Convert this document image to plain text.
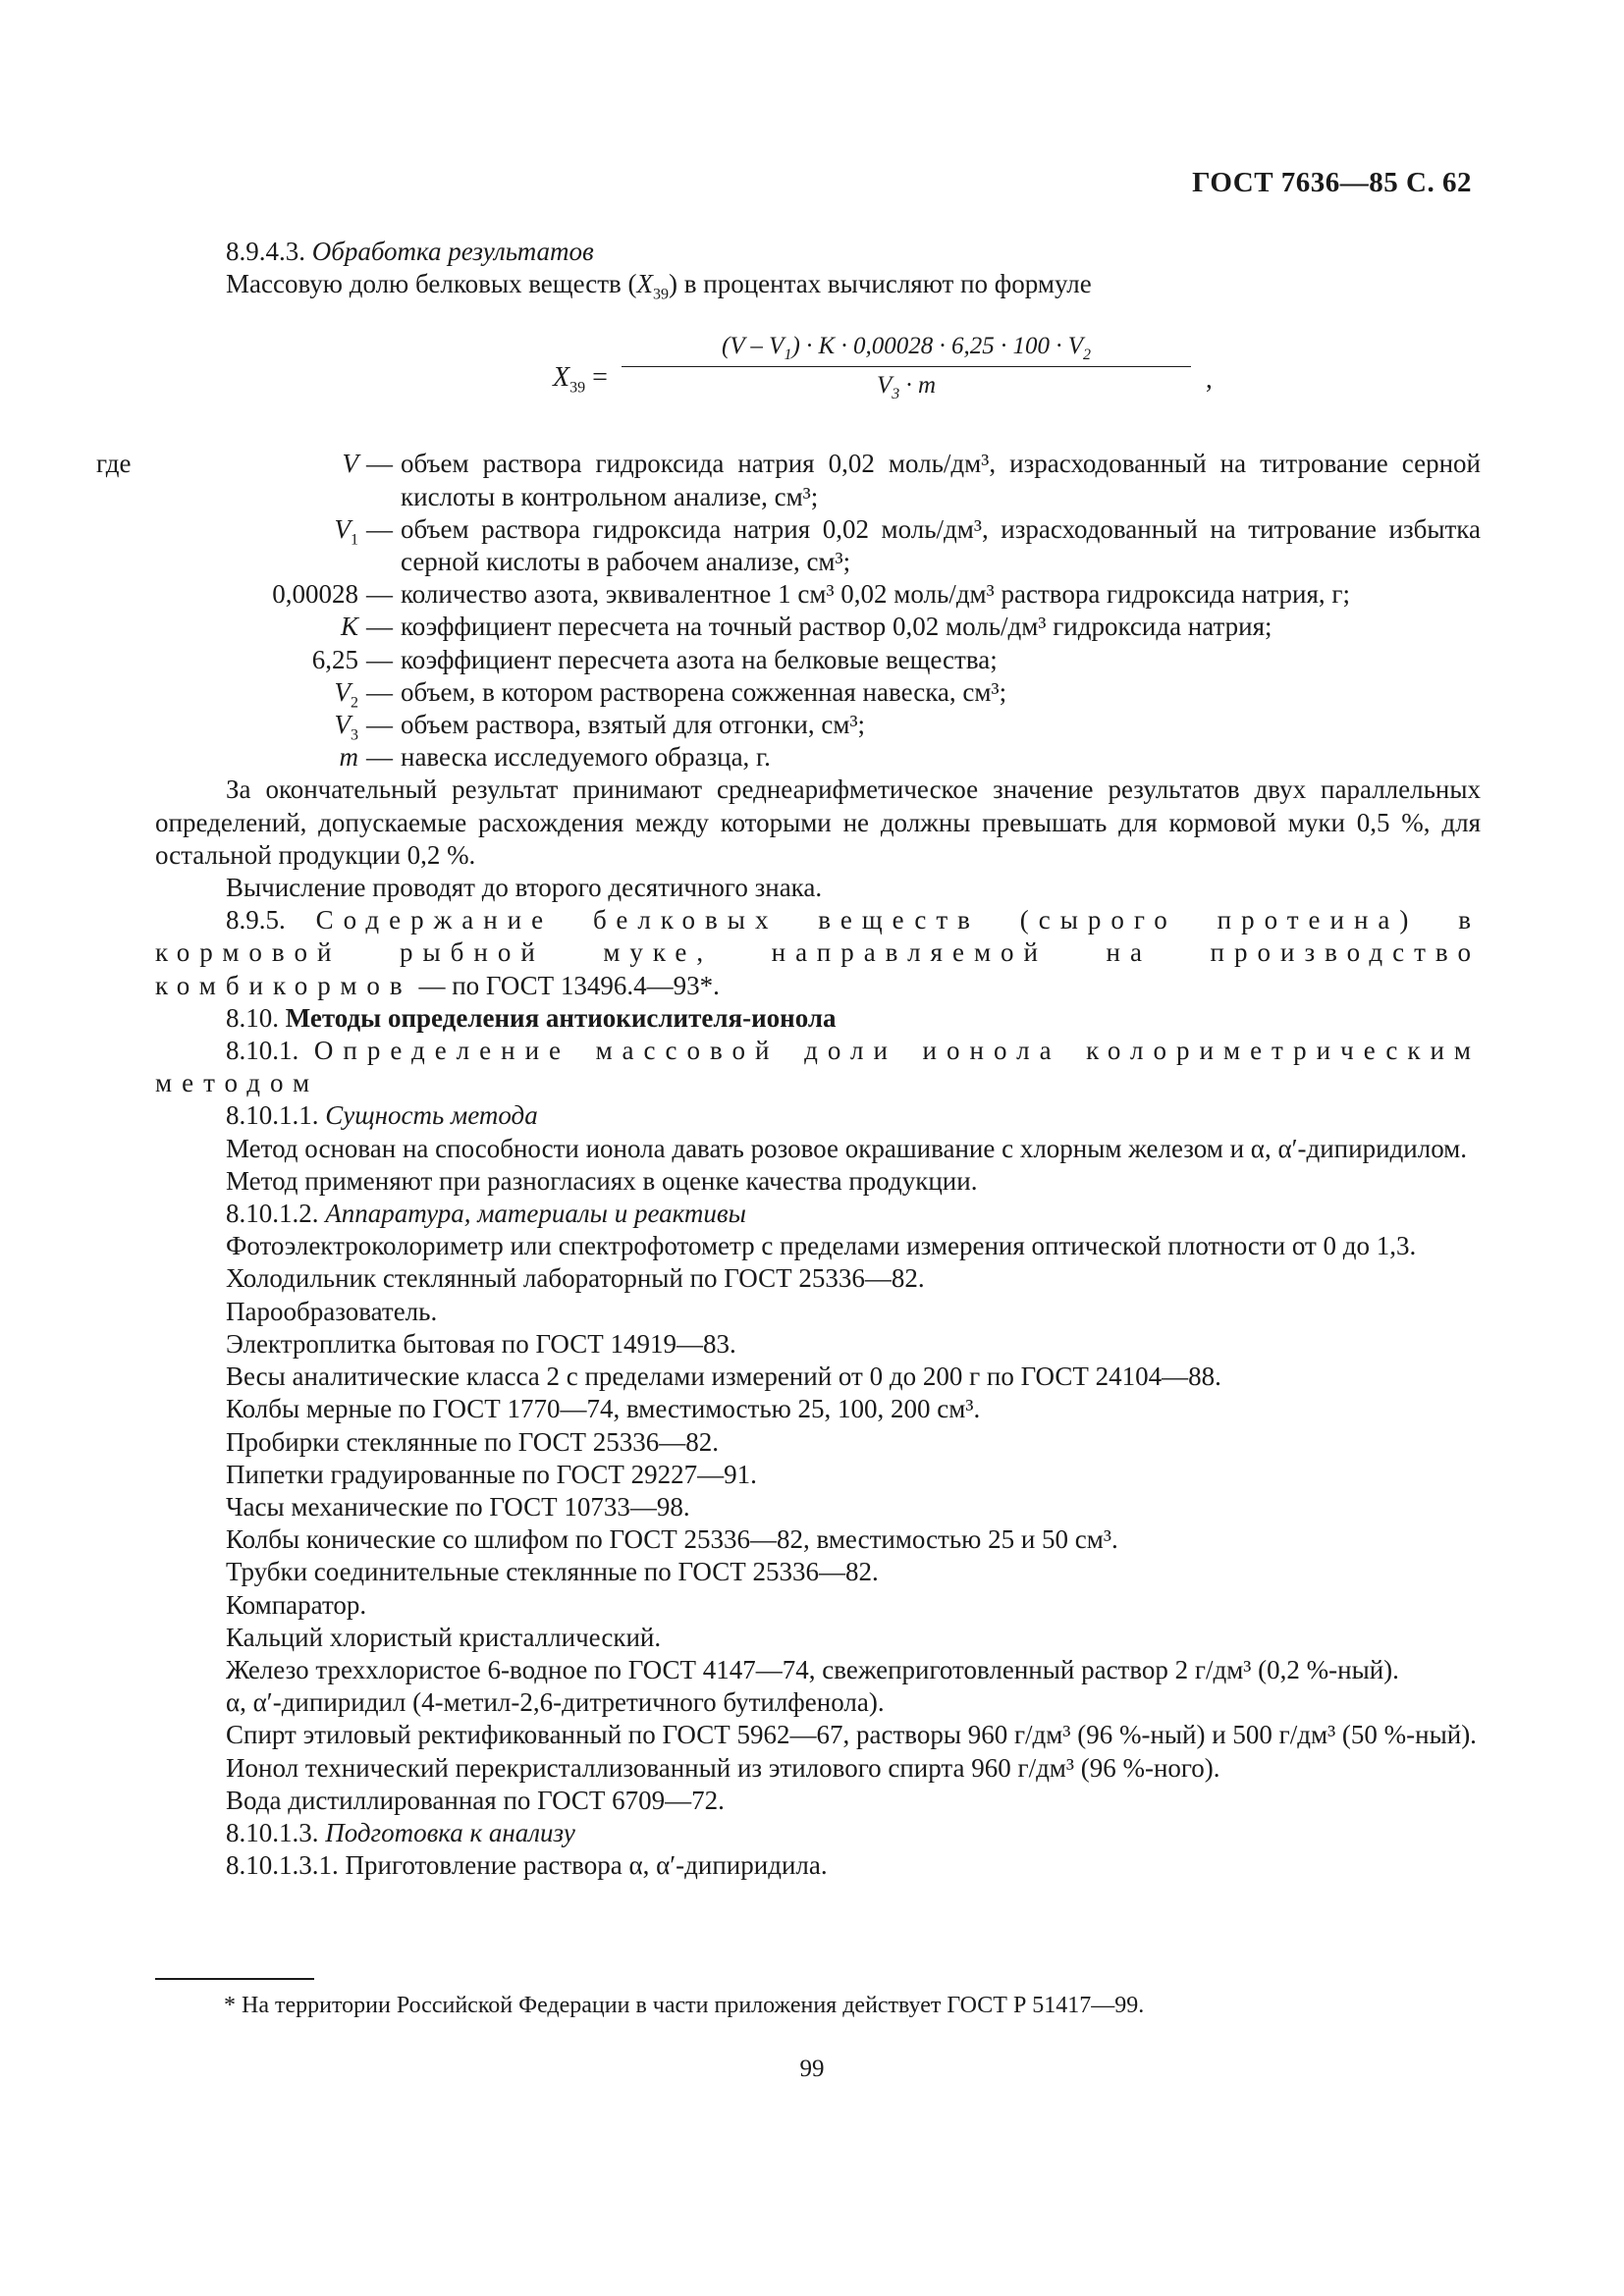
ГОСТ 7636—85 С. 62

8.9.4.3. Обработка результатов

Массовую долю белковых веществ $(X_{39})$ в процентах вычисляют по формуле

$X_{39}$ =
$(V - V_1) \cdot K \cdot 0,00028 \cdot 6,25 \cdot 100 \cdot V_2$
$V_3 \cdot m$	,
где	V — объем раствора гидроксида натрия 0,02 моль/дм³, израсходованный на титрование серной кислоты в контрольном анализе, см³;
$V_1$ — объем раствора гидроксида натрия 0,02 моль/дм³, израсходованный на титрование избытка серной кислоты в рабочем анализе, см³;
0,00028 — количество азота, эквивалентное 1 см³ 0,02 моль/дм³ раствора гидроксида натрия, г;
K — коэффициент пересчета на точный раствор 0,02 моль/дм³ гидроксида натрия;
6,25 — коэффициент пересчета азота на белковые вещества;
$V_2$ — объем, в котором растворена сожженная навеска, см³;
$V_3$ — объем раствора, взятый для отгонки, см³;
m — навеска исследуемого образца, г.

За окончательный результат принимают среднеарифметическое значение результатов двух параллельных определений, допускаемые расхождения между которыми не должны превышать для кормовой муки 0,5 %, для остальной продукции 0,2 %.

Вычисление проводят до второго десятичного знака.

8.9.5. Содержание белковых веществ (сырого протеина) в кормовой рыбной муке, направляемой на производство комбикормов — по ГОСТ 13496.4—93*.

8.10. Методы определения антиокислителя-ионола

8.10.1. Определение массовой доли ионола колориметрическим методом

8.10.1.1. Сущность метода

Метод основан на способности ионола давать розовое окрашивание с хлорным железом и α, α′-дипиридилом.

Метод применяют при разногласиях в оценке качества продукции.

8.10.1.2. Аппаратура, материалы и реактивы

Фотоэлектроколориметр или спектрофотометр с пределами измерения оптической плотности от 0 до 1,3.

Холодильник стеклянный лабораторный по ГОСТ 25336—82.

Парообразователь.

Электроплитка бытовая по ГОСТ 14919—83.

Весы аналитические класса 2 с пределами измерений от 0 до 200 г по ГОСТ 24104—88.

Колбы мерные по ГОСТ 1770—74, вместимостью 25, 100, 200 см³.

Пробирки стеклянные по ГОСТ 25336—82.

Пипетки градуированные по ГОСТ 29227—91.

Часы механические по ГОСТ 10733—98.

Колбы конические со шлифом по ГОСТ 25336—82, вместимостью 25 и 50 см³.

Трубки соединительные стеклянные по ГОСТ 25336—82.

Компаратор.

Кальций хлористый кристаллический.

Железо треххлористое 6-водное по ГОСТ 4147—74, свежеприготовленный раствор 2 г/дм³ (0,2 %-ный).

α, α′-дипиридил (4-метил-2,6-дитретичного бутилфенола).

Спирт этиловый ректификованный по ГОСТ 5962—67, растворы 960 г/дм³ (96 %-ный) и 500 г/дм³ (50 %-ный).

Ионол технический перекристаллизованный из этилового спирта 960 г/дм³ (96 %-ного).

Вода дистиллированная по ГОСТ 6709—72.

8.10.1.3. Подготовка к анализу

8.10.1.3.1. Приготовление раствора α, α′-дипиридила.

* На территории Российской Федерации в части приложения действует ГОСТ Р 51417—99.
99
